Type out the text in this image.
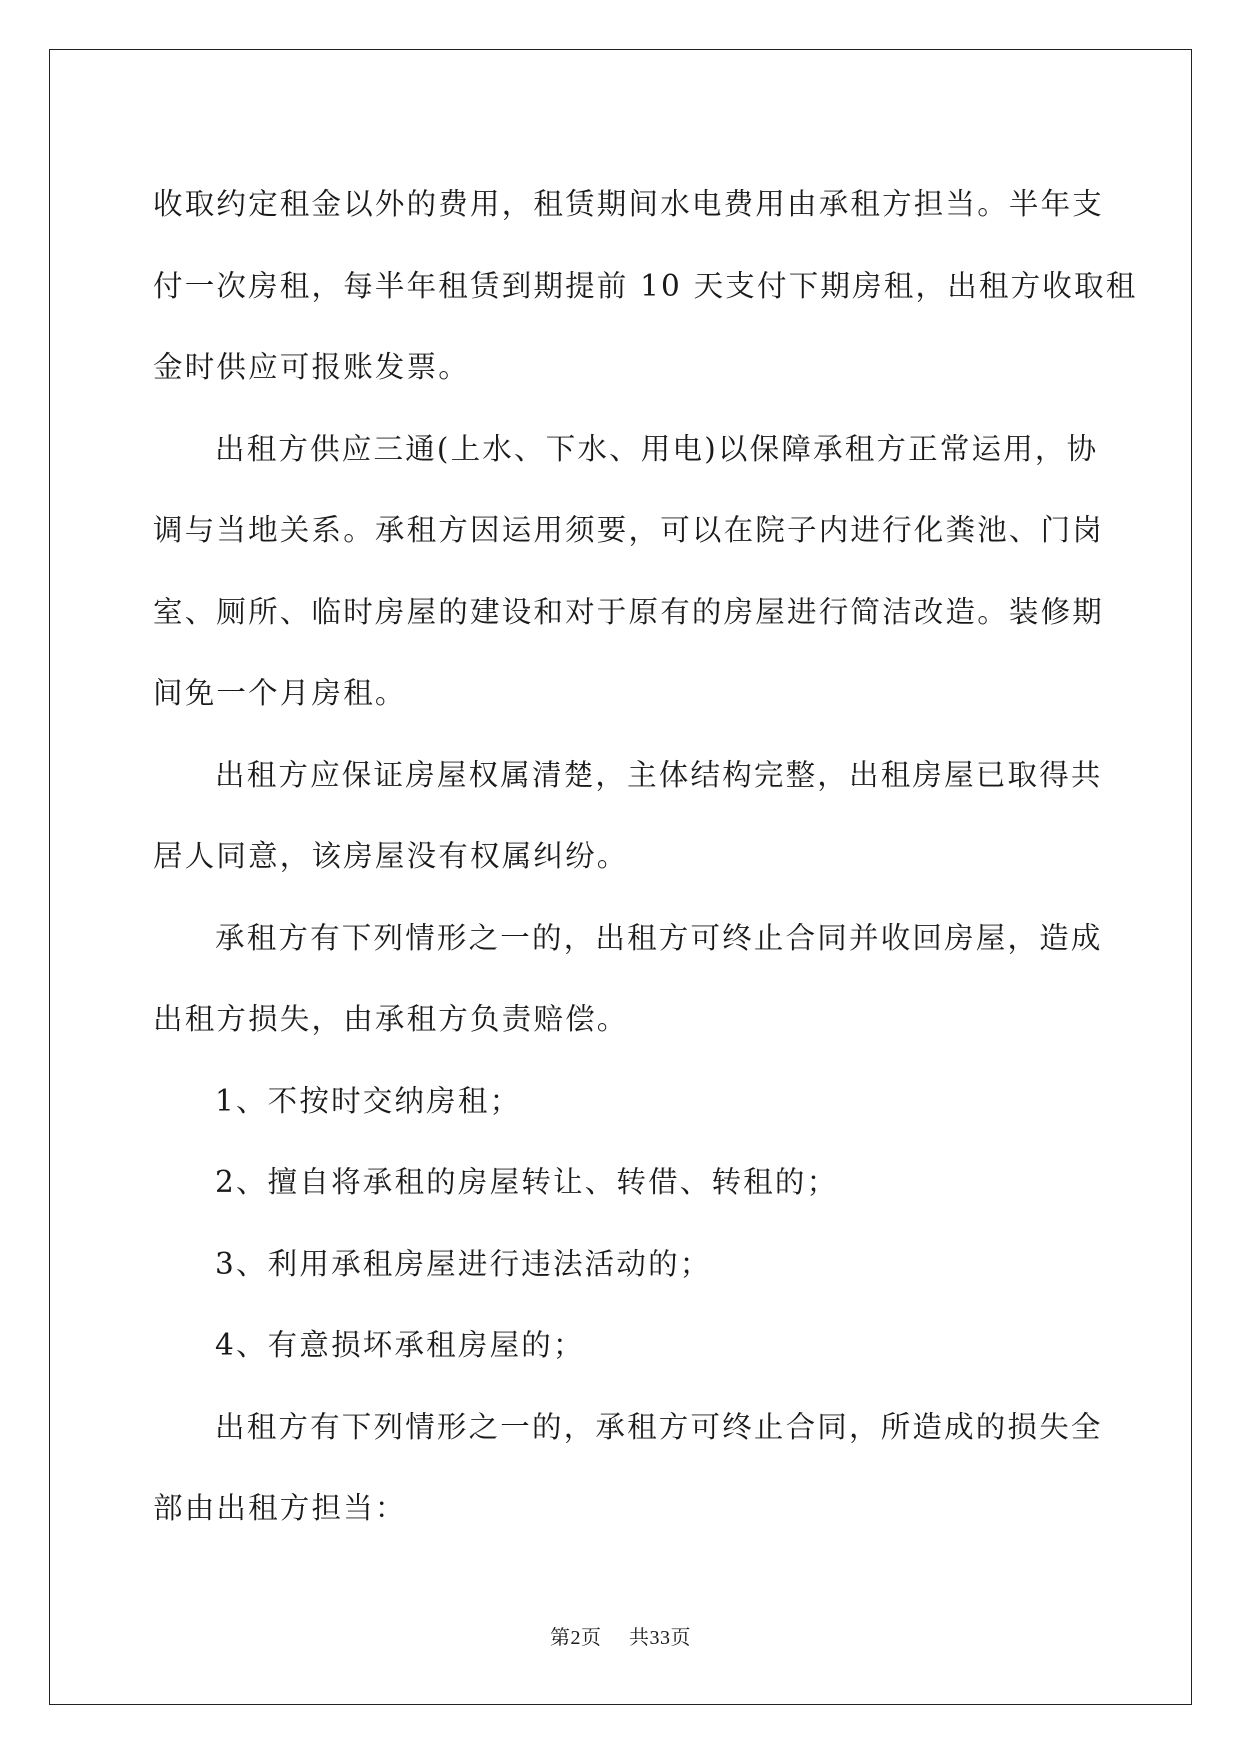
收取约定租金以外的费用，租赁期间水电费用由承租方担当。半年支
付一次房租，每半年租赁到期提前 10 天支付下期房租，出租方收取租
金时供应可报账发票。

出租方供应三通(上水、下水、用电)以保障承租方正常运用，协
调与当地关系。承租方因运用须要，可以在院子内进行化粪池、门岗
室、厕所、临时房屋的建设和对于原有的房屋进行简洁改造。装修期
间免一个月房租。

出租方应保证房屋权属清楚，主体结构完整，出租房屋已取得共
居人同意，该房屋没有权属纠纷。

承租方有下列情形之一的，出租方可终止合同并收回房屋，造成
出租方损失，由承租方负责赔偿。

1、不按时交纳房租；

2、擅自将承租的房屋转让、转借、转租的；

3、利用承租房屋进行违法活动的；

4、有意损坏承租房屋的；

出租方有下列情形之一的，承租方可终止合同，所造成的损失全
部由出租方担当：

第2页 共33页
